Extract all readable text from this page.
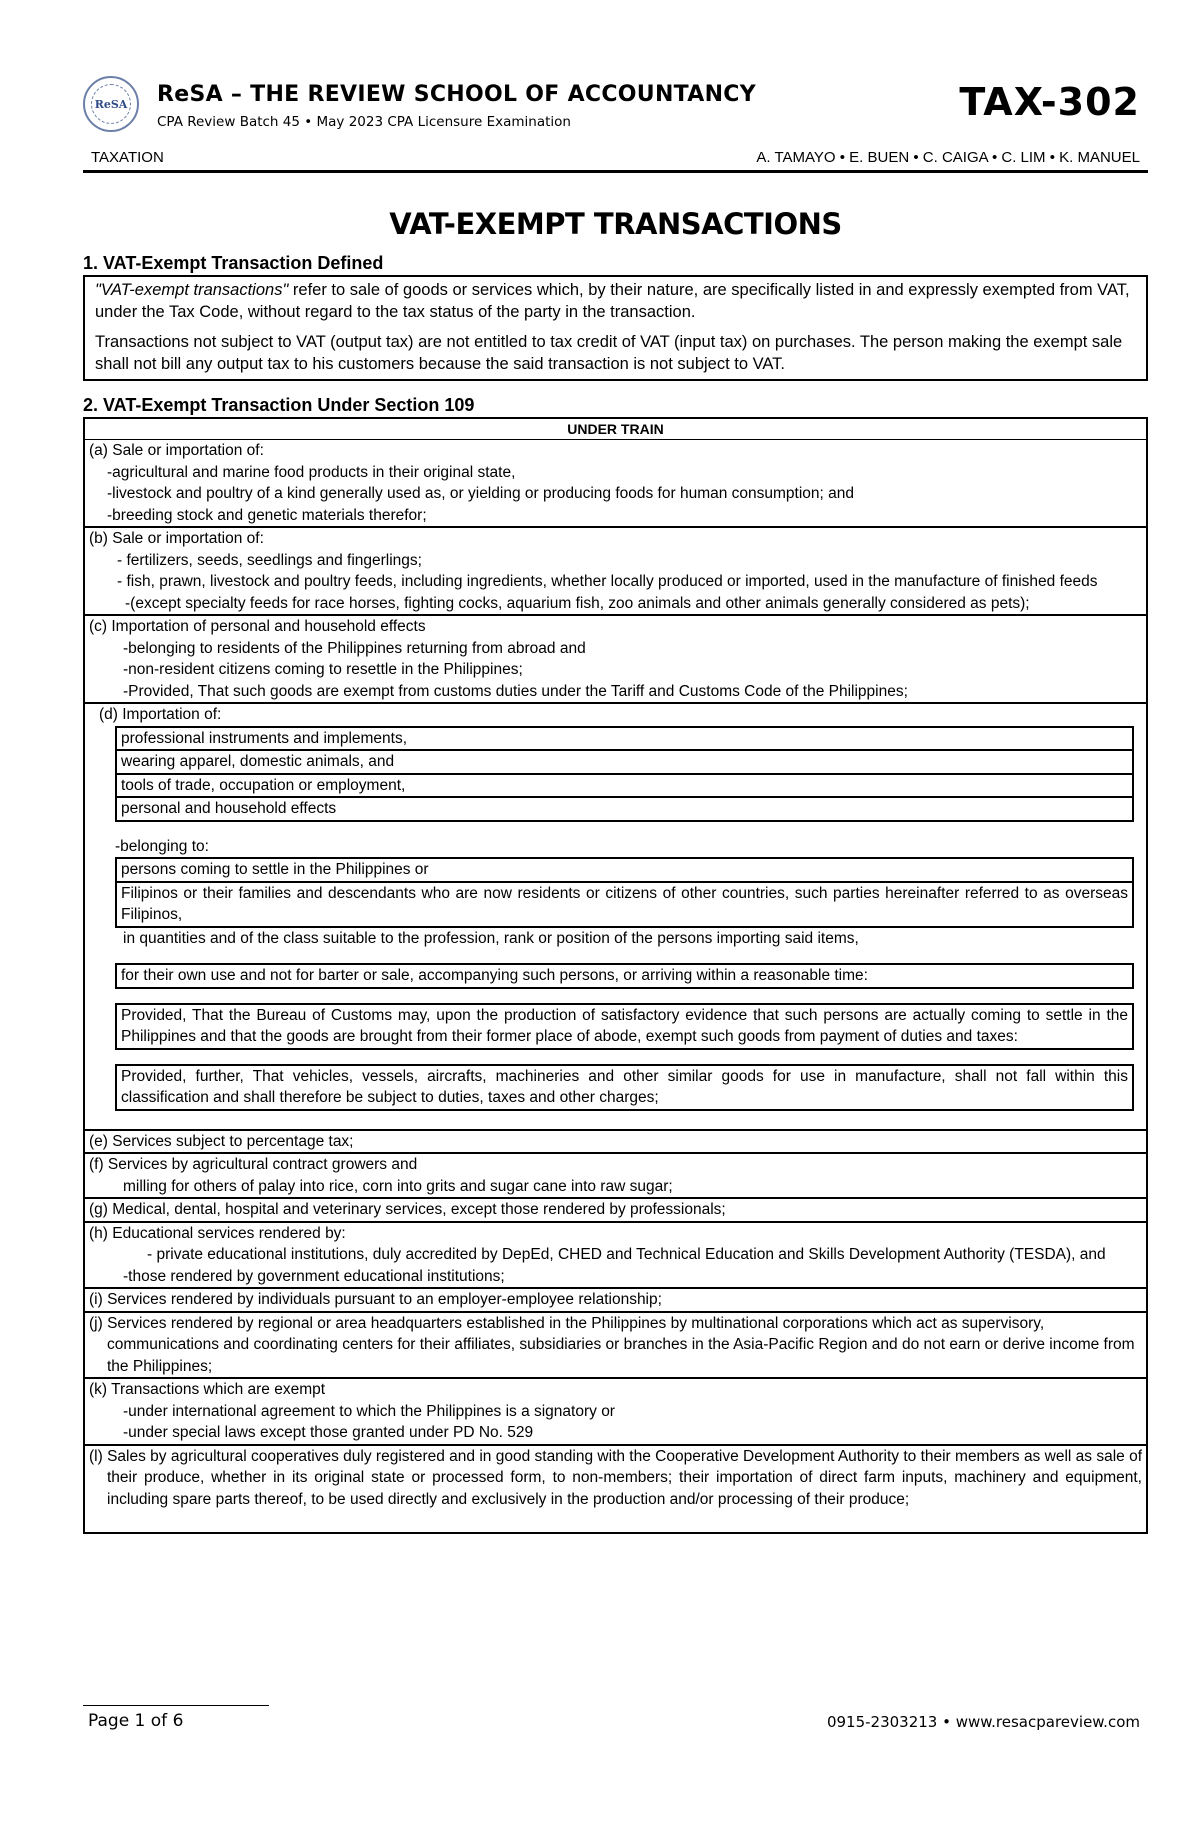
ReSA ReSA – THE REVIEW SCHOOL OF ACCOUNTANCY
CPA Review Batch 45 • May 2023 CPA Licensure Examination	TAX-302
TAXATION	A. TAMAYO • E. BUEN • C. CAIGA • C. LIM • K. MANUEL
VAT-EXEMPT TRANSACTIONS
1. VAT-Exempt Transaction Defined

"VAT-exempt transactions" refer to sale of goods or services which, by their nature, are specifically listed in and expressly exempted from VAT, under the Tax Code, without regard to the tax status of the party in the transaction.

Transactions not subject to VAT (output tax) are not entitled to tax credit of VAT (input tax) on purchases. The person making the exempt sale shall not bill any output tax to his customers because the said transaction is not subject to VAT.

2. VAT-Exempt Transaction Under Section 109
UNDER TRAIN
(a) Sale or importation of:
-agricultural and marine food products in their original state,
-livestock and poultry of a kind generally used as, or yielding or producing foods for human consumption; and
-breeding stock and genetic materials therefor;
(b) Sale or importation of:
- fertilizers, seeds, seedlings and fingerlings;
- fish, prawn, livestock and poultry feeds, including ingredients, whether locally produced or imported, used in the manufacture of finished feeds
-(except specialty feeds for race horses, fighting cocks, aquarium fish, zoo animals and other animals generally considered as pets);
(c) Importation of personal and household effects
-belonging to residents of the Philippines returning from abroad and
-non-resident citizens coming to resettle in the Philippines;
-Provided, That such goods are exempt from customs duties under the Tariff and Customs Code of the Philippines;
(d) Importation of:
professional instruments and implements,
wearing apparel, domestic animals, and
tools of trade, occupation or employment,
personal and household effects
-belonging to:
persons coming to settle in the Philippines or
Filipinos or their families and descendants who are now residents or citizens of other countries, such parties hereinafter referred to as overseas Filipinos,
in quantities and of the class suitable to the profession, rank or position of the persons importing said items,
for their own use and not for barter or sale, accompanying such persons, or arriving within a reasonable time:
Provided, That the Bureau of Customs may, upon the production of satisfactory evidence that such persons are actually coming to settle in the Philippines and that the goods are brought from their former place of abode, exempt such goods from payment of duties and taxes:
Provided, further, That vehicles, vessels, aircrafts, machineries and other similar goods for use in manufacture, shall not fall within this classification and shall therefore be subject to duties, taxes and other charges;
(e) Services subject to percentage tax;
(f) Services by agricultural contract growers and
milling for others of palay into rice, corn into grits and sugar cane into raw sugar;
(g) Medical, dental, hospital and veterinary services, except those rendered by professionals;
(h) Educational services rendered by:
- private educational institutions, duly accredited by DepEd, CHED and Technical Education and Skills Development Authority (TESDA), and
-those rendered by government educational institutions;
(i) Services rendered by individuals pursuant to an employer-employee relationship;
(j) Services rendered by regional or area headquarters established in the Philippines by multinational corporations which act as supervisory, communications and coordinating centers for their affiliates, subsidiaries or branches in the Asia-Pacific Region and do not earn or derive income from the Philippines;
(k) Transactions which are exempt
-under international agreement to which the Philippines is a signatory or
-under special laws except those granted under PD No. 529
(l) Sales by agricultural cooperatives duly registered and in good standing with the Cooperative Development Authority to their members as well as sale of their produce, whether in its original state or processed form, to non-members; their importation of direct farm inputs, machinery and equipment, including spare parts thereof, to be used directly and exclusively in the production and/or processing of their produce;
Page 1 of 6	0915-2303213 • www.resacpareview.com
